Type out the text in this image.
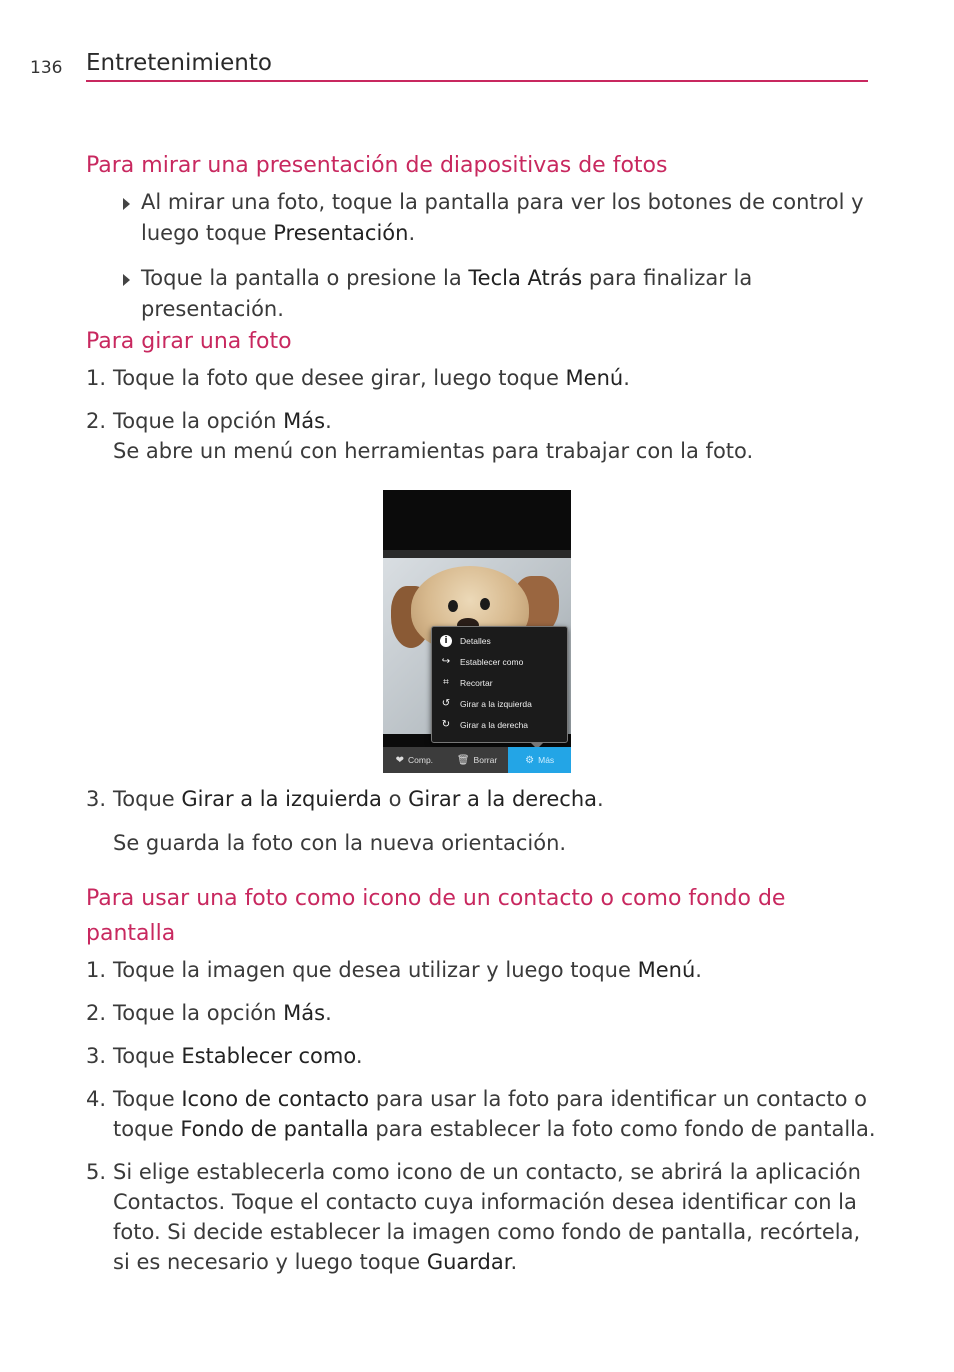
136 Entretenimiento
Para mirar una presentación de diapositivas de fotos
Al mirar una foto, toque la pantalla para ver los botones de control y luego toque Presentación.
Toque la pantalla o presione la Tecla Atrás para finalizar la presentación.
Para girar una foto
1. Toque la foto que desee girar, luego toque Menú.
2. Toque la opción Más.
Se abre un menú con herramientas para trabajar con la foto.
i	Detalles
↪ Establecer como
⌗	Recortar
↺ Girar a la izquierda
↻ Girar a la derecha
❤ Comp. 🗑 Borrar	⚙ Más
3. Toque Girar a la izquierda o Girar a la derecha.
Se guarda la foto con la nueva orientación.
Para usar una foto como icono de un contacto o como fondo de pantalla
1. Toque la imagen que desea utilizar y luego toque Menú.
2. Toque la opción Más.
3. Toque Establecer como.
4. Toque Icono de contacto para usar la foto para identificar un contacto o toque Fondo de pantalla para establecer la foto como fondo de pantalla.
5. Si elige establecerla como icono de un contacto, se abrirá la aplicación Contactos. Toque el contacto cuya información desea identificar con la foto. Si decide establecer la imagen como fondo de pantalla, recórtela, si es necesario y luego toque Guardar.
